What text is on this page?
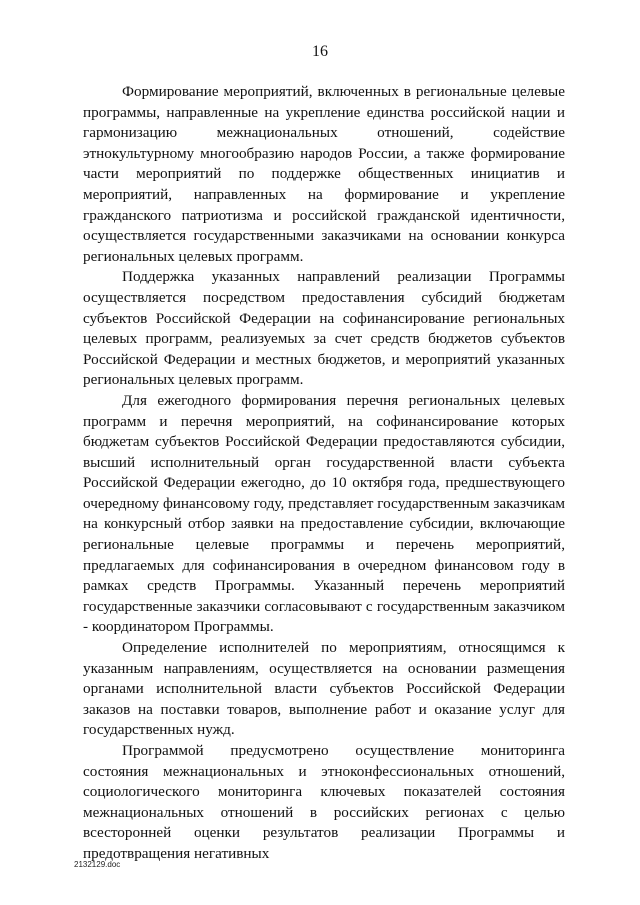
16

Формирование мероприятий, включенных в региональные целевые программы, направленные на укрепление единства российской нации и гармонизацию межнациональных отношений, содействие этнокультурному многообразию народов России, а также формирование части мероприятий по поддержке общественных инициатив и мероприятий, направленных на формирование и укрепление гражданского патриотизма и российской гражданской идентичности, осуществляется государственными заказчиками на основании конкурса региональных целевых программ.

Поддержка указанных направлений реализации Программы осуществляется посредством предоставления субсидий бюджетам субъектов Российской Федерации на софинансирование региональных целевых программ, реализуемых за счет средств бюджетов субъектов Российской Федерации и местных бюджетов, и мероприятий указанных региональных целевых программ.

Для ежегодного формирования перечня региональных целевых программ и перечня мероприятий, на софинансирование которых бюджетам субъектов Российской Федерации предоставляются субсидии, высший исполнительный орган государственной власти субъекта Российской Федерации ежегодно, до 10 октября года, предшествующего очередному финансовому году, представляет государственным заказчикам на конкурсный отбор заявки на предоставление субсидии, включающие региональные целевые программы и перечень мероприятий, предлагаемых для софинансирования в очередном финансовом году в рамках средств Программы. Указанный перечень мероприятий государственные заказчики согласовывают с государственным заказчиком - координатором Программы.

Определение исполнителей по мероприятиям, относящимся к указанным направлениям, осуществляется на основании размещения органами исполнительной власти субъектов Российской Федерации заказов на поставки товаров, выполнение работ и оказание услуг для государственных нужд.

Программой предусмотрено осуществление мониторинга состояния межнациональных и этноконфессиональных отношений, социологического мониторинга ключевых показателей состояния межнациональных отношений в российских регионах с целью всесторонней оценки результатов реализации Программы и предотвращения негативных

2132129.doc
